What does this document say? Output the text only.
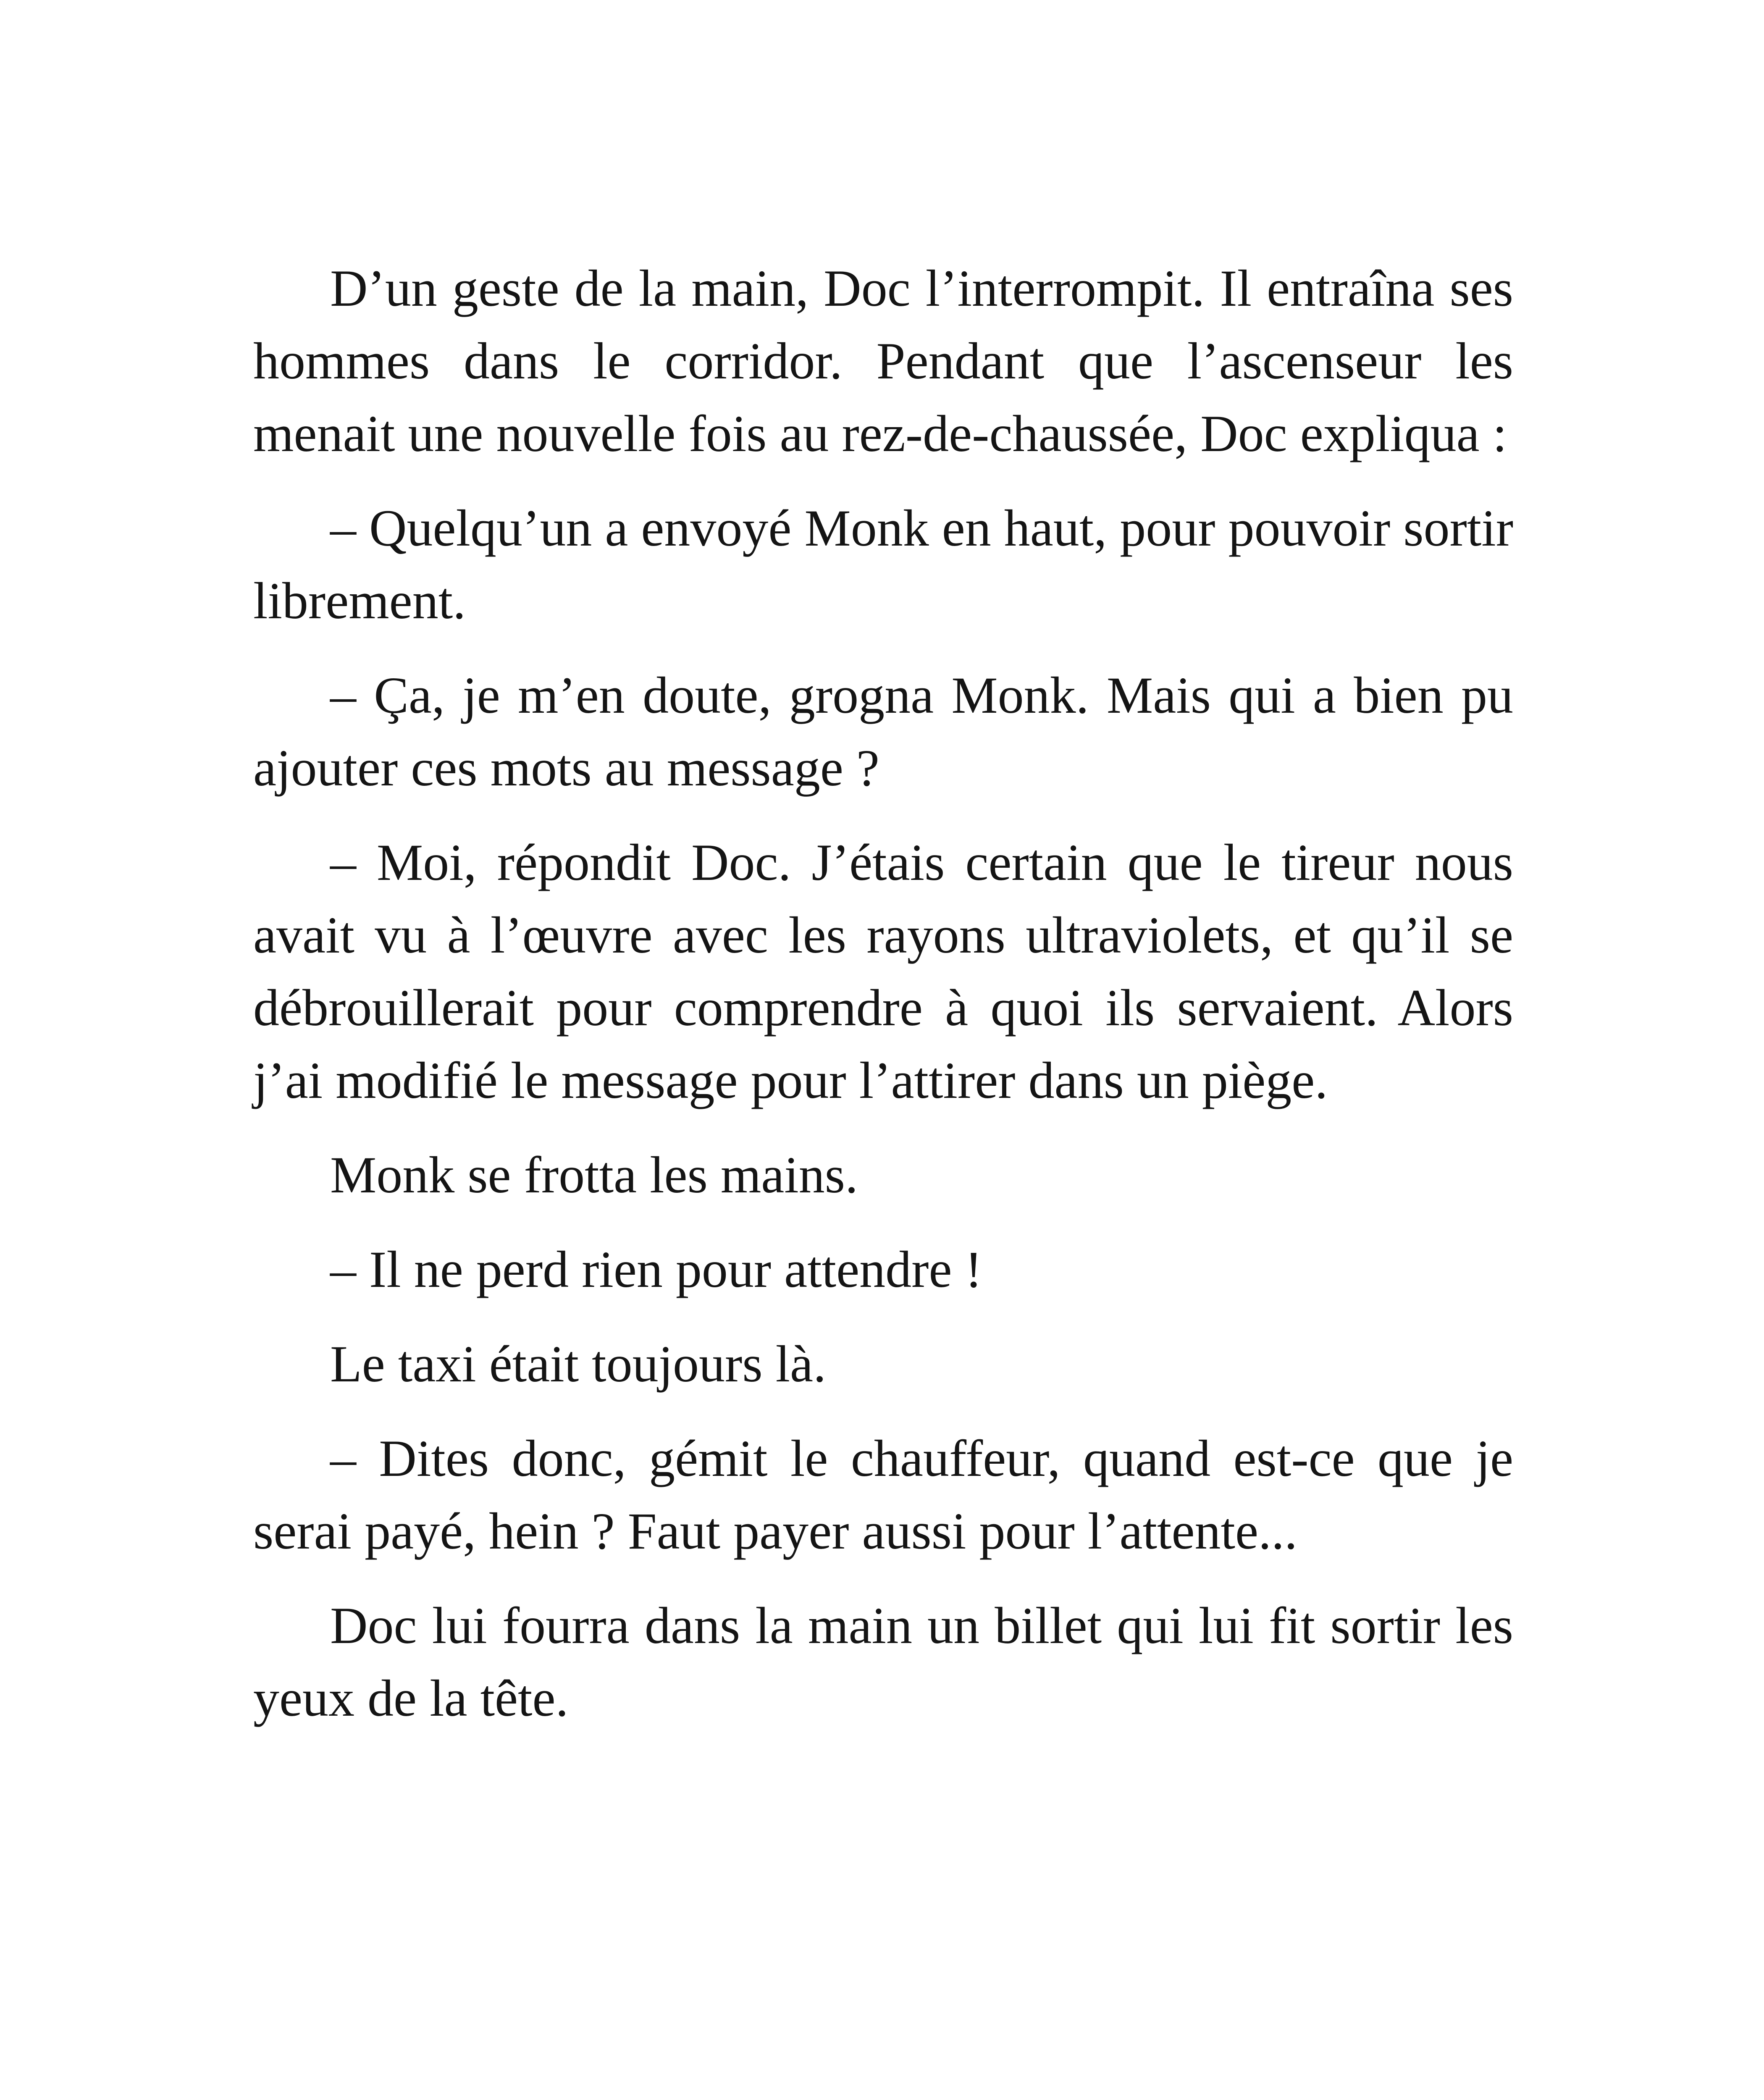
D’un geste de la main, Doc l’interrompit. Il entraîna ses hommes dans le corridor. Pendant que l’ascenseur les menait une nouvelle fois au rez-de-chaussée, Doc expliqua :

– Quelqu’un a envoyé Monk en haut, pour pouvoir sortir librement.

– Ça, je m’en doute, grogna Monk. Mais qui a bien pu ajouter ces mots au message ?

– Moi, répondit Doc. J’étais certain que le tireur nous avait vu à l’œuvre avec les rayons ultraviolets, et qu’il se débrouillerait pour comprendre à quoi ils servaient. Alors j’ai modifié le message pour l’attirer dans un piège.

Monk se frotta les mains.

– Il ne perd rien pour attendre !

Le taxi était toujours là.

– Dites donc, gémit le chauffeur, quand est-ce que je serai payé, hein ? Faut payer aussi pour l’attente...

Doc lui fourra dans la main un billet qui lui fit sortir les yeux de la tête.
